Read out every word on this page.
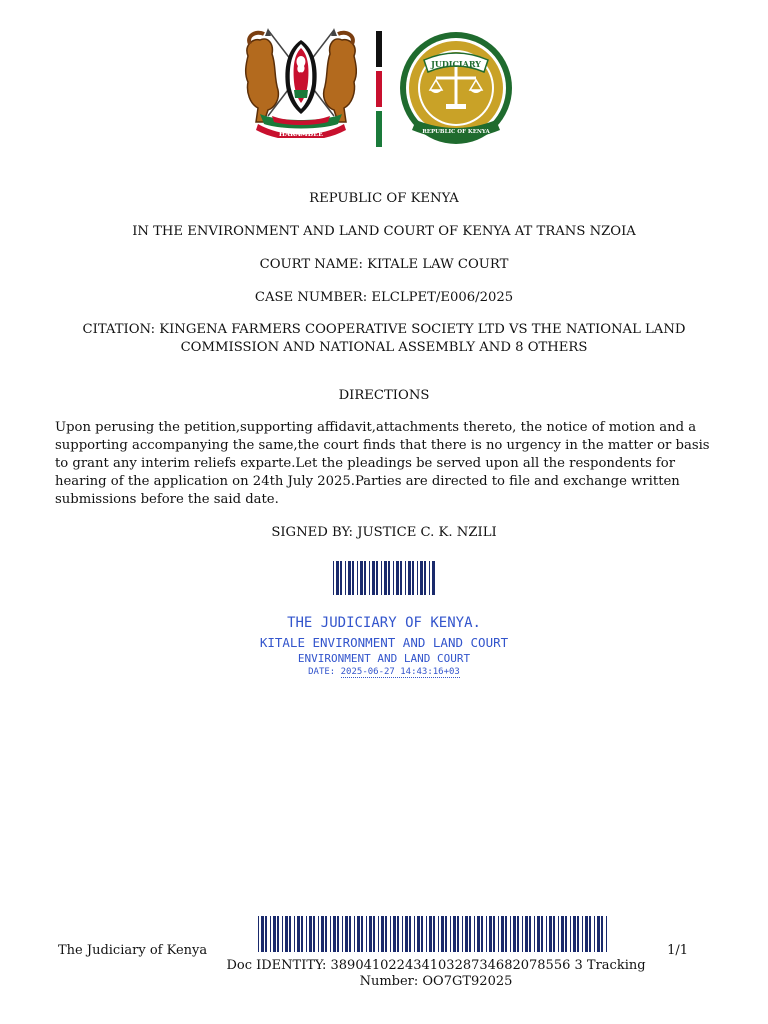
HARAMBEE
JUDICIARY
REPUBLIC OF KENYA
REPUBLIC OF KENYA
IN THE ENVIRONMENT AND LAND COURT OF KENYA AT TRANS NZOIA
COURT NAME: KITALE LAW COURT
CASE NUMBER: ELCLPET/E006/2025
CITATION: KINGENA FARMERS COOPERATIVE SOCIETY LTD VS THE NATIONAL LAND
COMMISSION AND NATIONAL ASSEMBLY AND 8 OTHERS
DIRECTIONS
Upon perusing the petition,supporting affidavit,attachments thereto, the notice of motion and a supporting accompanying the same,the court finds that there is no urgency in the matter or basis to grant any interim reliefs exparte.Let the pleadings be served upon all the respondents for hearing of the application on 24th July 2025.Parties are directed to file and exchange written submissions before the said date.
SIGNED BY: JUSTICE C. K. NZILI
THE JUDICIARY OF KENYA.
KITALE ENVIRONMENT AND LAND COURT
ENVIRONMENT AND LAND COURT
DATE: 2025-06-27 14:43:16+03
The Judiciary of Kenya	1/1
Doc IDENTITY: 38904102243410328734682078556 3 Tracking
Number: OO7GT92025
